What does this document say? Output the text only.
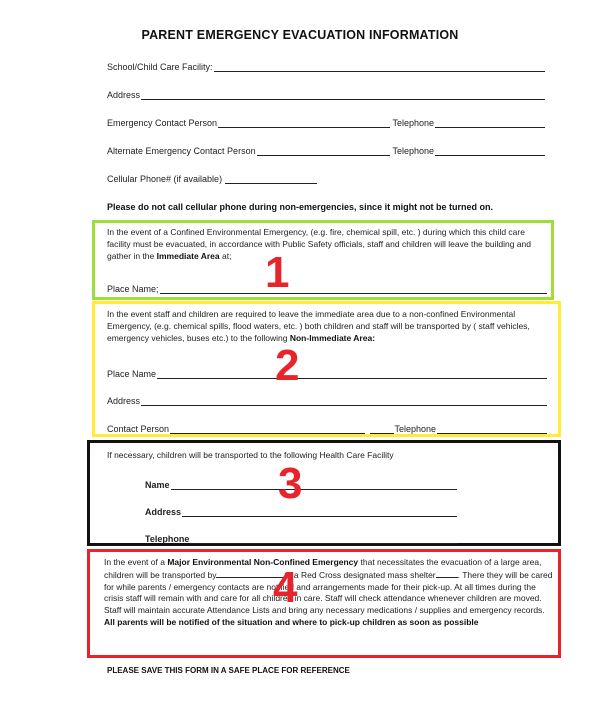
PARENT EMERGENCY EVACUATION INFORMATION
School/Child Care Facility:
Address
Emergency Contact Person	Telephone
Alternate Emergency Contact Person	Telephone
Cellular Phone# (if available)
Please do not call cellular phone during non-emergencies, since it might not be turned on.
In the event of a Confined Environmental Emergency, (e.g. fire, chemical spill, etc. ) during which this child care facility must be evacuated, in accordance with Public Safety officials, staff and children will leave the building and gather in the Immediate Area at;
Place Name; 1
In the event staff and children are required to leave the immediate area due to a non-confined Environmental Emergency, (e.g. chemical spills, flood waters, etc. ) both children and staff will be transported by ( staff vehicles, emergency vehicles, buses etc.) to the following Non-Immediate Area:
Place Name
Address
Contact Person	Telephone
2
If necessary, children will be transported to the following Health Care Facility
Name
Address
Telephone
3
In the event of a Major Environmental Non-Confined Emergency that necessitates the evacuation of a large area, children will be transported by	to a Red Cross designated mass shelter	. There they will be cared for while parents / emergency contacts are notified and arrangements made for their pick-up. At all times during the crisis staff will remain with and care for all children in care. Staff will check attendance whenever children are moved. Staff will maintain accurate Attendance Lists and bring any necessary medications / supplies and emergency records. All parents will be notified of the situation and where to pick-up children as soon as possible
4
PLEASE SAVE THIS FORM IN A SAFE PLACE FOR REFERENCE
